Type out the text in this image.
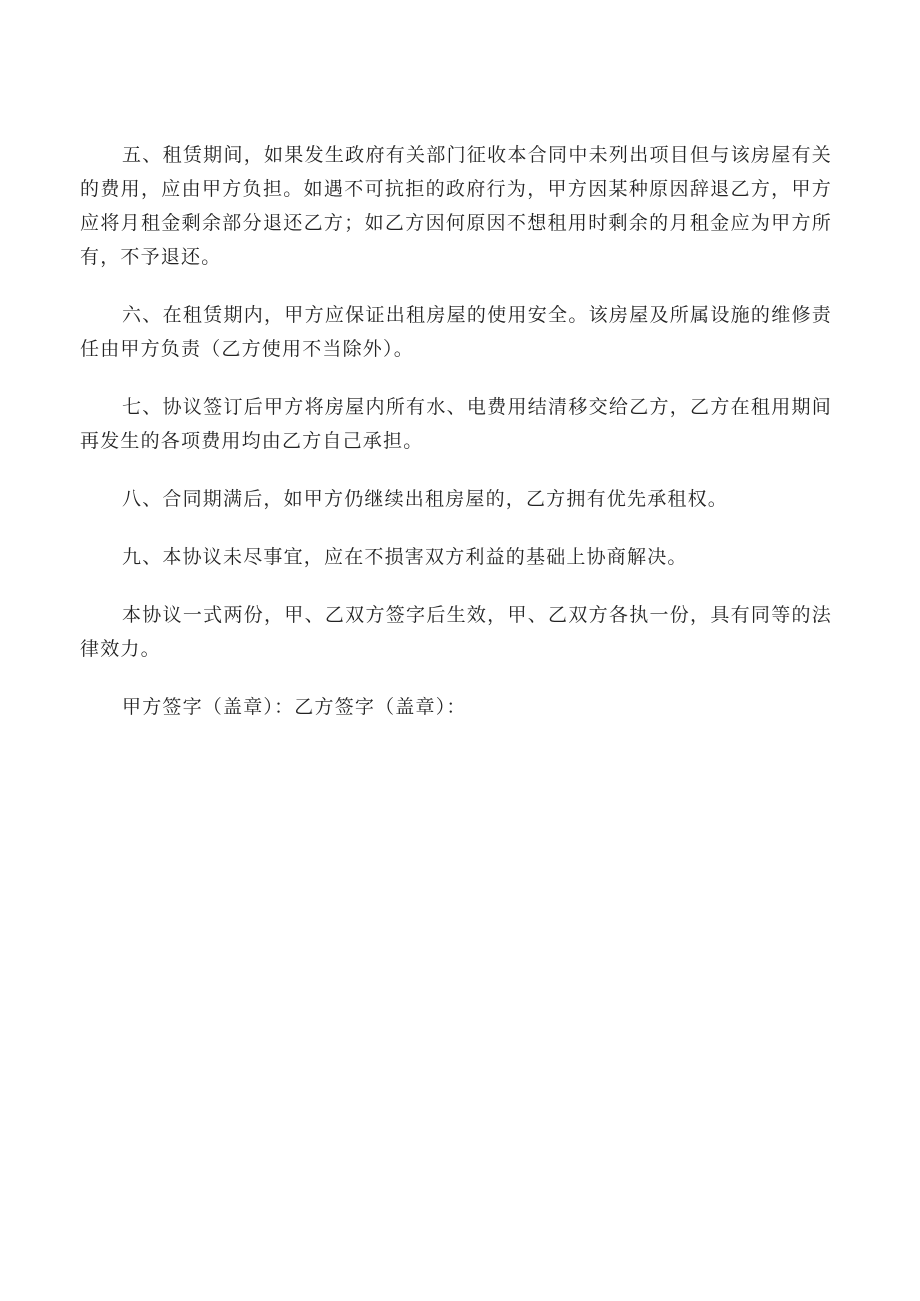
五、租赁期间，如果发生政府有关部门征收本合同中未列出项目但与该房屋有关的费用，应由甲方负担。如遇不可抗拒的政府行为，甲方因某种原因辞退乙方，甲方应将月租金剩余部分退还乙方；如乙方因何原因不想租用时剩余的月租金应为甲方所有，不予退还。

六、在租赁期内，甲方应保证出租房屋的使用安全。该房屋及所属设施的维修责任由甲方负责（乙方使用不当除外）。

七、协议签订后甲方将房屋内所有水、电费用结清移交给乙方，乙方在租用期间再发生的各项费用均由乙方自己承担。

八、合同期满后，如甲方仍继续出租房屋的，乙方拥有优先承租权。

九、本协议未尽事宜，应在不损害双方利益的基础上协商解决。

本协议一式两份，甲、乙双方签字后生效，甲、乙双方各执一份，具有同等的法律效力。

甲方签字（盖章）：乙方签字（盖章）：
